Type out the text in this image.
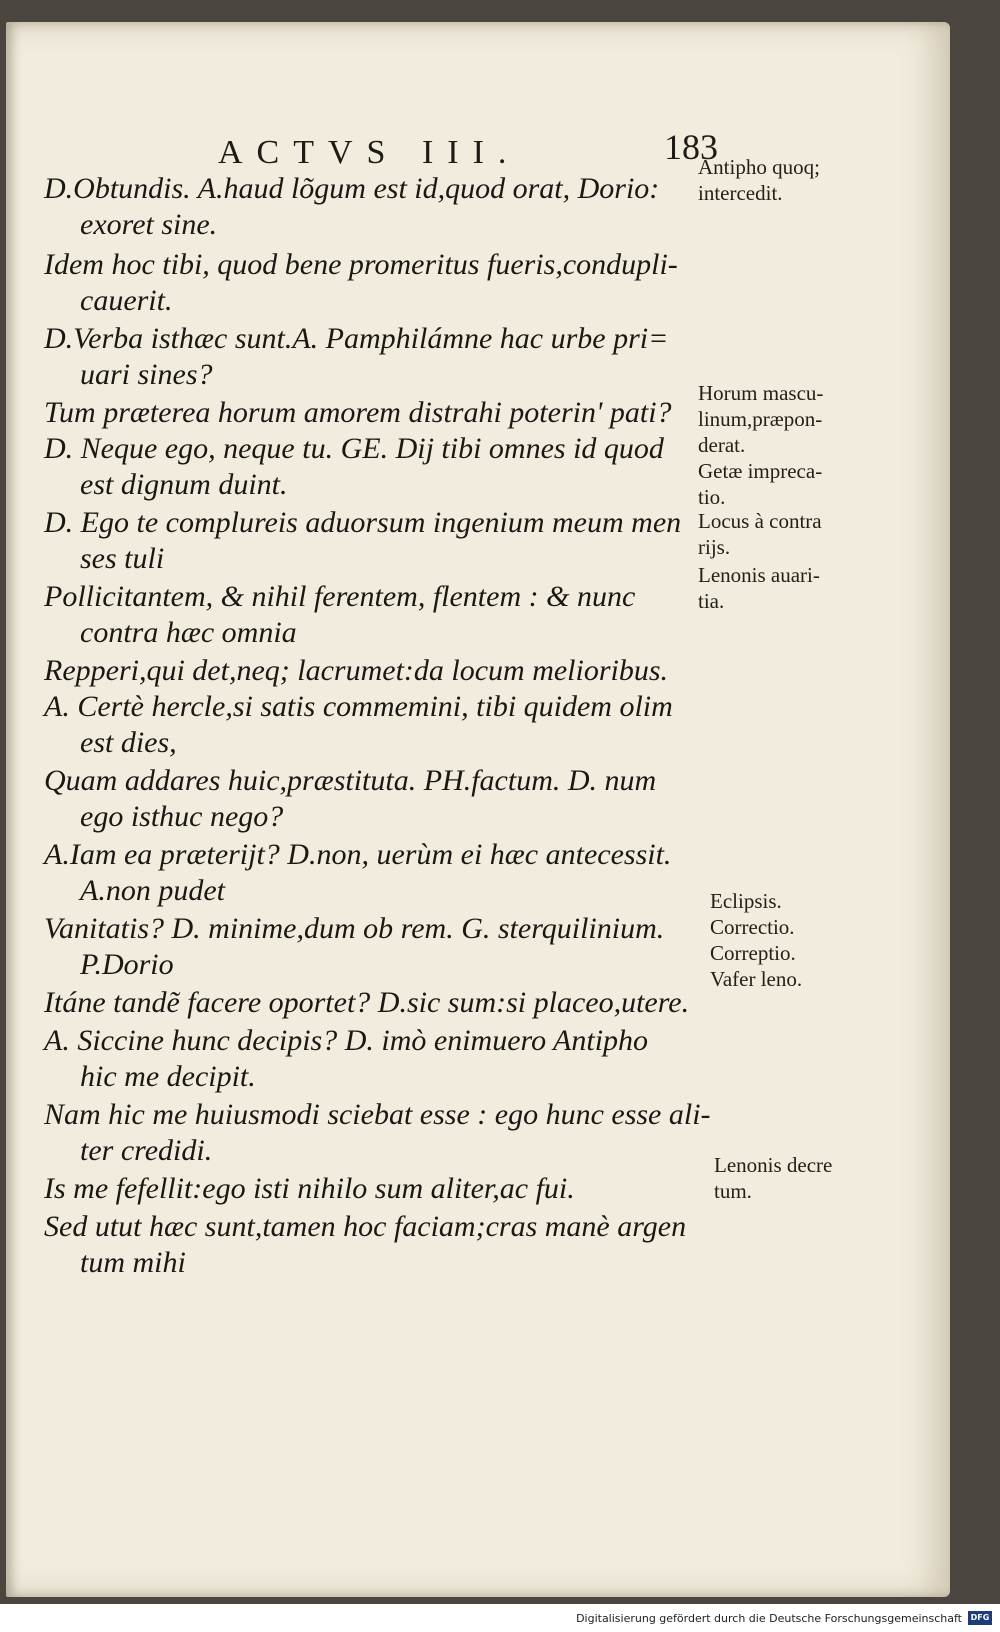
ACTVS III.	183
D.Obtundis. A.haud lõgum est id,quod orat, Dorio:
exoret sine.
Idem hoc tibi, quod bene promeritus fueris,condupli-
cauerit.
D.Verba isthæc sunt.A. Pamphilámne hac urbe pri=
uari sines?
Tum præterea horum amorem distrahi poterin' pati?
D. Neque ego, neque tu. GE. Dij tibi omnes id quod
est dignum duint.
D. Ego te complureis aduorsum ingenium meum men
ses tuli
Pollicitantem, & nihil ferentem, flentem : & nunc
contra hæc omnia
Repperi,qui det,neq; lacrumet:da locum melioribus.
A. Certè hercle,si satis commemini, tibi quidem olim
est dies,
Quam addares huic,præstituta. PH.factum. D. num
ego isthuc nego?
A.Iam ea præterijt? D.non, uerùm ei hæc antecessit.
A.non pudet
Vanitatis? D. minime,dum ob rem. G. sterquilinium.
P.Dorio
Itáne tandẽ facere oportet? D.sic sum:si placeo,utere.
A. Siccine hunc decipis? D. imò enimuero Antipho
hic me decipit.
Nam hic me huiusmodi sciebat esse : ego hunc esse ali-
ter credidi.
Is me fefellit:ego isti nihilo sum aliter,ac fui.
Sed utut hæc sunt,tamen hoc faciam;cras manè argen
tum mihi
Antipho quoq;
intercedit.
Horum mascu-
linum,præpon-
derat.
Getæ impreca-
tio.
Locus à contra
rijs.
Lenonis auari-
tia.
Eclipsis.
Correctio.
Correptio.
Vafer leno.
Lenonis decre
tum.
Digitalisierung gefördert durch die Deutsche Forschungsgemeinschaft	DFG
